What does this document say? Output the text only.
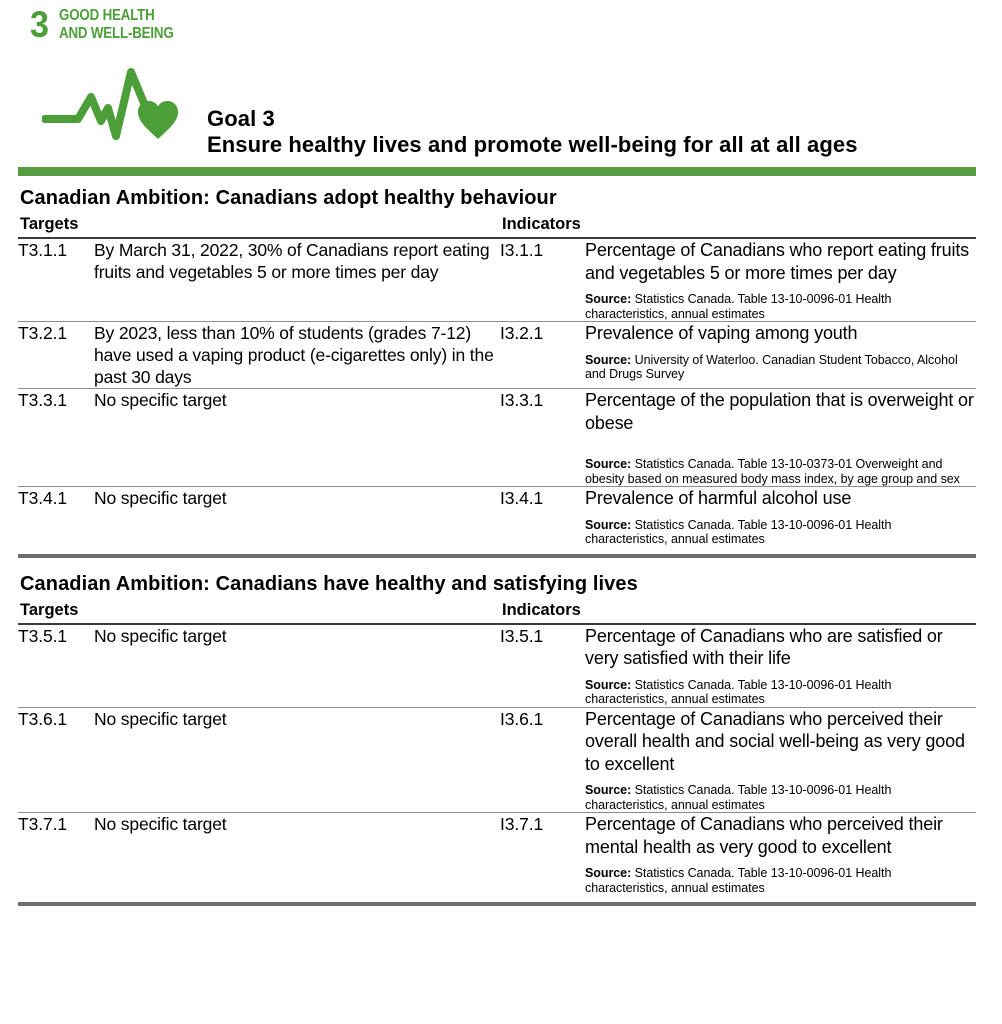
3 GOOD HEALTH
AND WELL-BEING
Goal 3
Ensure healthy lives and promote well-being for all at all ages
Canadian Ambition: Canadians adopt healthy behaviour
Targets	Indicators
T3.1.1	By March 31, 2022, 30% of Canadians report eating fruits and vegetables 5 or more times per day	I3.1.1	Percentage of Canadians who report eating fruits and vegetables 5 or more times per day
Source: Statistics Canada. Table 13-10-0096-01 Health characteristics, annual estimates

T3.2.1	By 2023, less than 10% of students (grades 7-12) have used a vaping product (e-cigarettes only) in the past 30 days	I3.2.1	Prevalence of vaping among youth
Source: University of Waterloo. Canadian Student Tobacco, Alcohol and Drugs Survey

T3.3.1	No specific target	I3.3.1	Percentage of the population that is overweight or obese
Source: Statistics Canada. Table 13-10-0373-01 Overweight and obesity based on measured body mass index, by age group and sex

T3.4.1	No specific target	I3.4.1	Prevalence of harmful alcohol use
Source: Statistics Canada. Table 13-10-0096-01 Health characteristics, annual estimates
Canadian Ambition: Canadians have healthy and satisfying lives
Targets	Indicators
T3.5.1	No specific target	I3.5.1	Percentage of Canadians who are satisfied or very satisfied with their life
Source: Statistics Canada. Table 13-10-0096-01 Health characteristics, annual estimates

T3.6.1	No specific target	I3.6.1	Percentage of Canadians who perceived their overall health and social well-being as very good to excellent
Source: Statistics Canada. Table 13-10-0096-01 Health characteristics, annual estimates

T3.7.1	No specific target	I3.7.1	Percentage of Canadians who perceived their mental health as very good to excellent
Source: Statistics Canada. Table 13-10-0096-01 Health characteristics, annual estimates
